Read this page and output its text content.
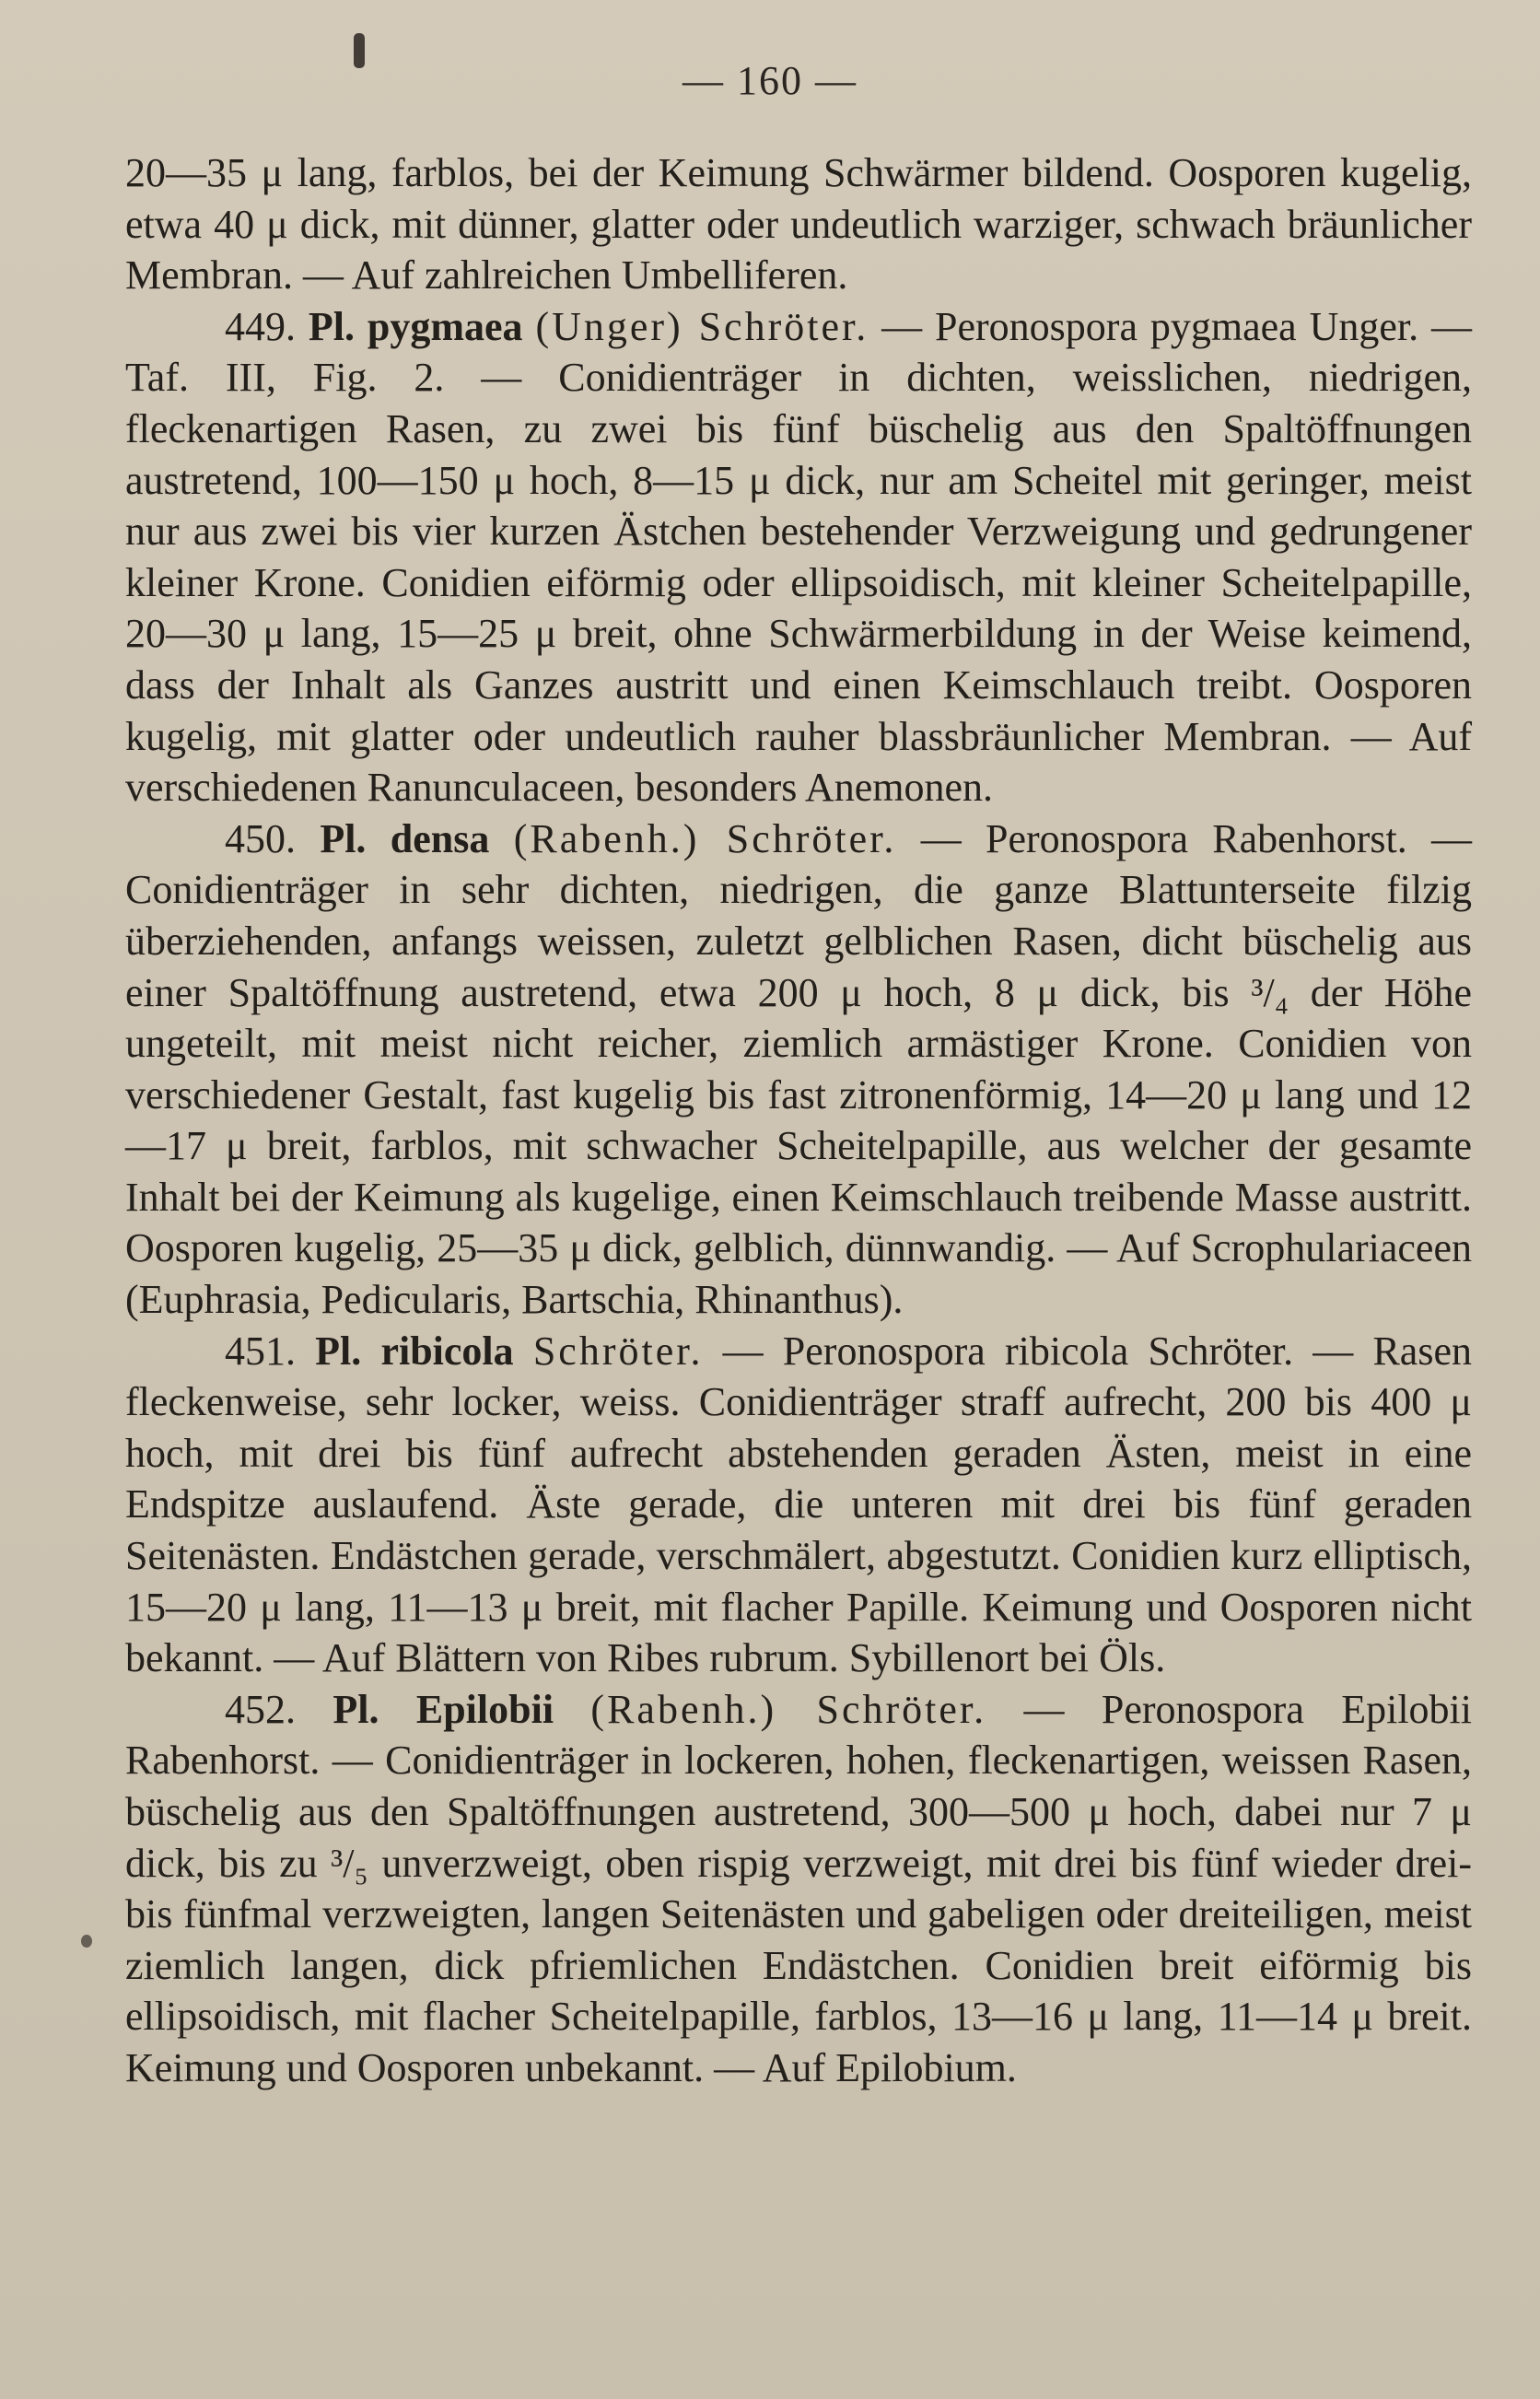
— 160 —

20—35 μ lang, farblos, bei der Keimung Schwärmer bildend. Oosporen kugelig, etwa 40 μ dick, mit dünner, glatter oder undeutlich warziger, schwach bräunlicher Membran. — Auf zahlreichen Umbelliferen.

449. Pl. pygmaea (Unger) Schröter. — Peronospora pygmaea Unger. — Taf. III, Fig. 2. — Conidienträger in dichten, weisslichen, niedrigen, fleckenartigen Rasen, zu zwei bis fünf büschelig aus den Spaltöffnungen austretend, 100—150 μ hoch, 8—15 μ dick, nur am Scheitel mit geringer, meist nur aus zwei bis vier kurzen Ästchen bestehender Verzweigung und gedrungener kleiner Krone. Conidien eiförmig oder ellipsoidisch, mit kleiner Scheitelpapille, 20—30 μ lang, 15—25 μ breit, ohne Schwärmerbildung in der Weise keimend, dass der Inhalt als Ganzes austritt und einen Keimschlauch treibt. Oosporen kugelig, mit glatter oder undeutlich rauher blassbräunlicher Membran. — Auf verschiedenen Ranunculaceen, besonders Anemonen.

450. Pl. densa (Rabenh.) Schröter. — Peronospora Rabenhorst. — Conidienträger in sehr dichten, niedrigen, die ganze Blattunterseite filzig überziehenden, anfangs weissen, zuletzt gelblichen Rasen, dicht büschelig aus einer Spaltöffnung austretend, etwa 200 μ hoch, 8 μ dick, bis ³/₄ der Höhe ungeteilt, mit meist nicht reicher, ziemlich armästiger Krone. Conidien von verschiedener Gestalt, fast kugelig bis fast zitronenförmig, 14—20 μ lang und 12—17 μ breit, farblos, mit schwacher Scheitelpapille, aus welcher der gesamte Inhalt bei der Keimung als kugelige, einen Keimschlauch treibende Masse austritt. Oosporen kugelig, 25—35 μ dick, gelblich, dünnwandig. — Auf Scrophulariaceen (Euphrasia, Pedicularis, Bartschia, Rhinanthus).

451. Pl. ribicola Schröter. — Peronospora ribicola Schröter. — Rasen fleckenweise, sehr locker, weiss. Conidienträger straff aufrecht, 200 bis 400 μ hoch, mit drei bis fünf aufrecht abstehenden geraden Ästen, meist in eine Endspitze auslaufend. Äste gerade, die unteren mit drei bis fünf geraden Seitenästen. Endästchen gerade, verschmälert, abgestutzt. Conidien kurz elliptisch, 15—20 μ lang, 11—13 μ breit, mit flacher Papille. Keimung und Oosporen nicht bekannt. — Auf Blättern von Ribes rubrum. Sybillenort bei Öls.

452. Pl. Epilobii (Rabenh.) Schröter. — Peronospora Epilobii Rabenhorst. — Conidienträger in lockeren, hohen, fleckenartigen, weissen Rasen, büschelig aus den Spaltöffnungen austretend, 300—500 μ hoch, dabei nur 7 μ dick, bis zu ³/₅ unverzweigt, oben rispig verzweigt, mit drei bis fünf wieder drei- bis fünfmal verzweigten, langen Seitenästen und gabeligen oder dreiteiligen, meist ziemlich langen, dick pfriemlichen Endästchen. Conidien breit eiförmig bis ellipsoidisch, mit flacher Scheitelpapille, farblos, 13—16 μ lang, 11—14 μ breit. Keimung und Oosporen unbekannt. — Auf Epilobium.
